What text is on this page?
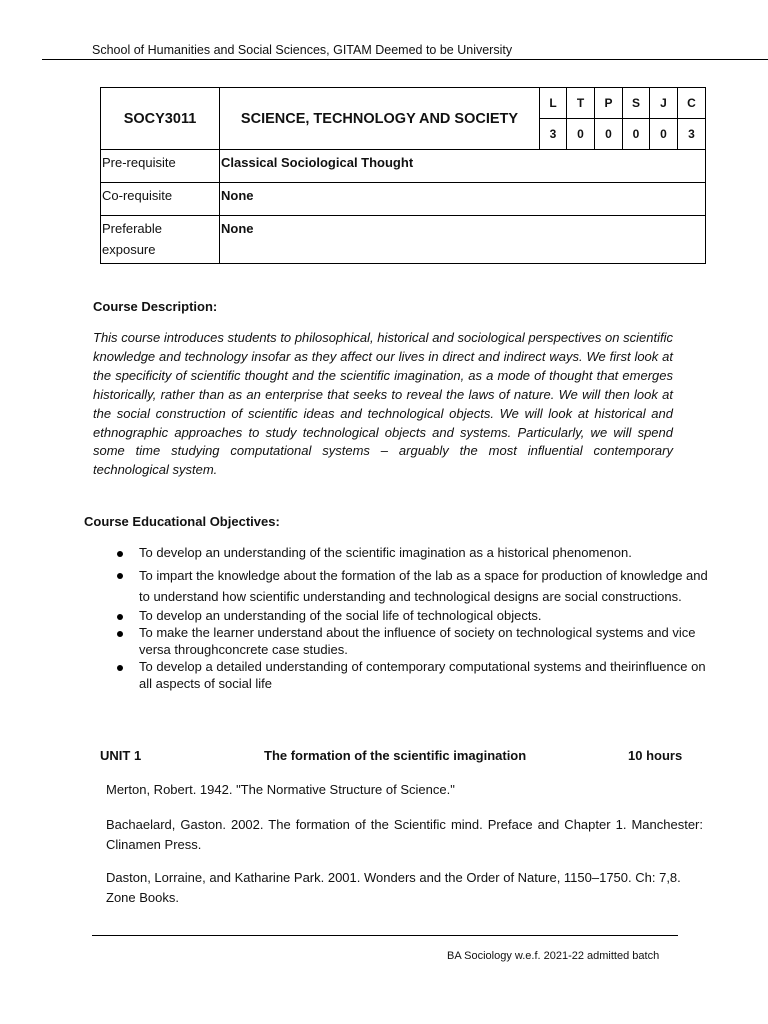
School of Humanities and Social Sciences, GITAM Deemed to be University
SOCY3011	SCIENCE, TECHNOLOGY AND SOCIETY	L	T	P	S	J	C
		3	0	0	0	0	3
Pre-requisite	Classical Sociological Thought						
Co-requisite	None						
Preferable exposure	None						
Course Description:
This course introduces students to philosophical, historical and sociological perspectives on scientific knowledge and technology insofar as they affect our lives in direct and indirect ways. We first look at the specificity of scientific thought and the scientific imagination, as a mode of thought that emerges historically, rather than as an enterprise that seeks to reveal the laws of nature. We will then look at the social construction of scientific ideas and technological objects. We will look at historical and ethnographic approaches to study technological objects and systems. Particularly, we will spend some time studying computational systems – arguably the most influential contemporary technological system.
Course Educational Objectives:
To develop an understanding of the scientific imagination as a historical phenomenon.
To impart the knowledge about the formation of the lab as a space for production of knowledge and to understand how scientific understanding and technological designs are social constructions.
To develop an understanding of the social life of technological objects.
To make the learner understand about the influence of society on technological systems and vice versa throughconcrete case studies.
To develop a detailed understanding of contemporary computational systems and theirinfluence on all aspects of social life
UNIT 1	The formation of the scientific imagination	10 hours
Merton, Robert. 1942. "The Normative Structure of Science."
Bachaelard, Gaston. 2002. The formation of the Scientific mind. Preface and Chapter 1. Manchester: Clinamen Press.
Daston, Lorraine, and Katharine Park. 2001. Wonders and the Order of Nature, 1150–1750. Ch: 7,8. Zone Books.
BA Sociology w.e.f. 2021-22 admitted batch
